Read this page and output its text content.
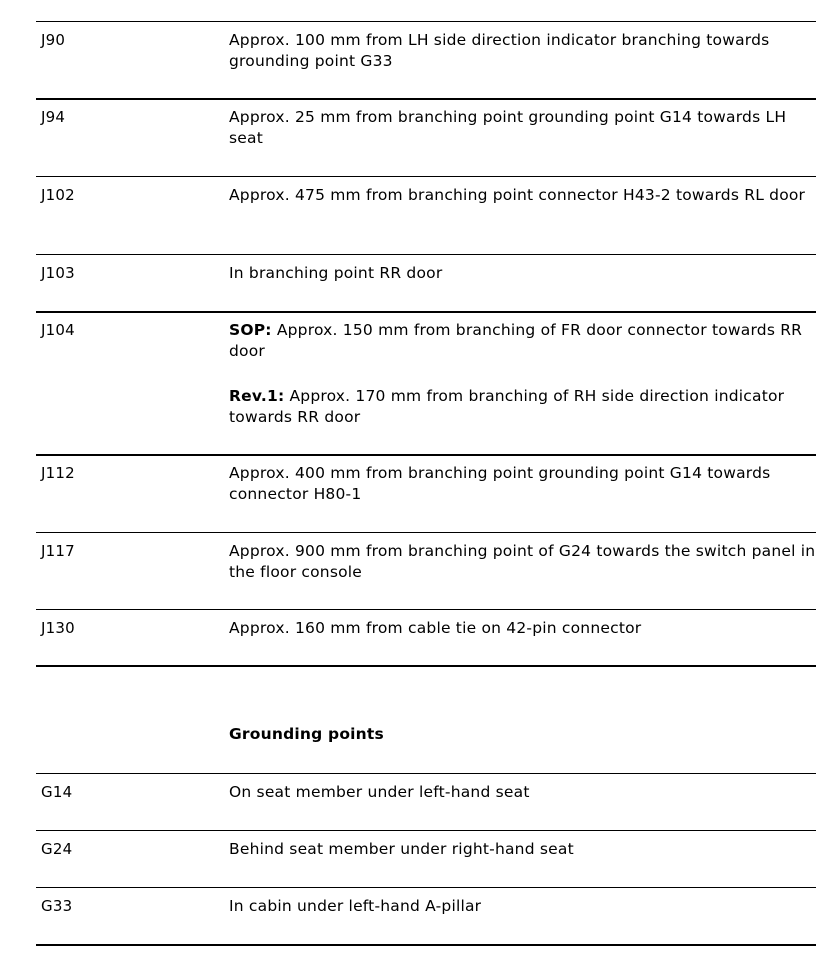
J90	Approx. 100 mm from LH side direction indicator branching towards grounding point G33
J94	Approx. 25 mm from branching point grounding point G14 towards LH seat
J102	Approx. 475 mm from branching point connector H43-2 towards RL door
J103	In branching point RR door
J104	SOP: Approx. 150 mm from branching of FR door connector towards RR door

Rev.1: Approx. 170 mm from branching of RH side direction indicator towards RR door

J112	Approx. 400 mm from branching point grounding point G14 towards connector H80-1
J117	Approx. 900 mm from branching point of G24 towards the switch panel in the floor console
J130	Approx. 160 mm from cable tie on 42-pin connector
Grounding points
G14	On seat member under left-hand seat
G24	Behind seat member under right-hand seat
G33	In cabin under left-hand A-pillar
